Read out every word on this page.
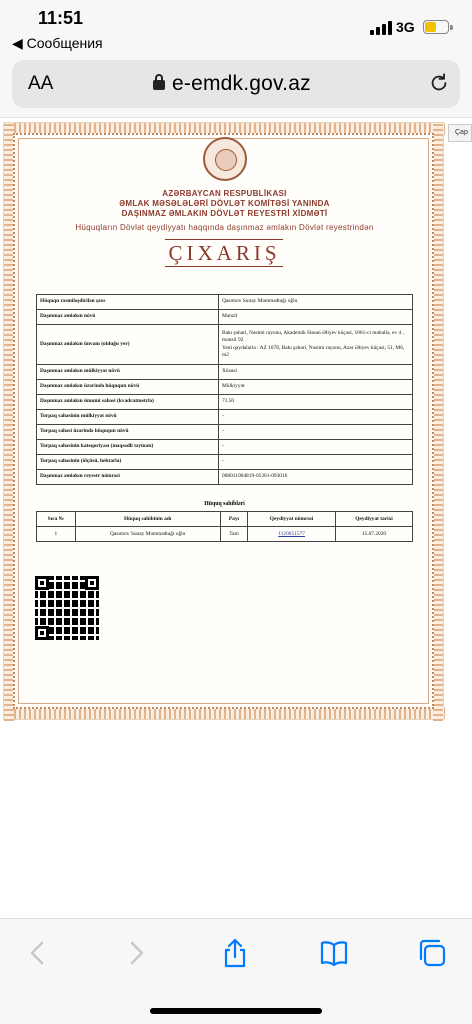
11:51
◀ Сообщения
3G
AA	e-emdk.gov.az
Çap
AZƏRBAYCAN RESPUBLİKASI
ƏMLAK MƏSƏLƏLƏRİ DÖVLƏT KOMİTƏSİ YANINDA
DAŞINMAZ ƏMLAKIN DÖVLƏT REYESTRİ XİDMƏTİ
Hüquqların Dövlət qeydiyyatı haqqında daşınmaz əmlakın Dövlət reyestrindən
ÇIXARIŞ
Hüququ rəsmiləşdirilən şəxs	Qasımov Sunay Məmmədtağı oğlu
Daşınmaz əmlakın növü	Mənzil
Daşınmaz əmlakın ünvanı (olduğu yer)	Bakı şəhəri, Nəsimi rayonu, Akademik Həsən Əliyev küçəsi, 1061-ci məhəllə, ev 4 , mənzil 92
Yeni qaydalarla : AZ 1078, Bakı şəhəri, Nəsimi rayonu, Azər Əliyev küçəsi, 51, M6, m2
Daşınmaz əmlakın mülkiyyət növü	Xüsusi
Daşınmaz əmlakın üzərində hüququn növü	Mülkiyyət
Daşınmaz əmlakın ümumi sahəsi (kvadratmetrlə)	71.50
Torpaq sahəsinin mülkiyyət növü	-
Torpaq sahəsi üzərində hüququn növü	-
Torpaq sahəsinin kateqoriyası (məqsədli təyinatı)	-
Torpaq sahəsinin (ölçüsü, hektarla)	-
Daşınmaz əmlakın reyestr nömrəsi	008011004819-05301-093016
Hüquq sahibləri
Sıra №	Hüquq sahibinin adı	Payı	Qeydiyyat nömrəsi	Qeydiyyat tarixi
1	Qasımov Sunay Məmmədtağı oğlu	Tam	1120051577	15.07.2020
